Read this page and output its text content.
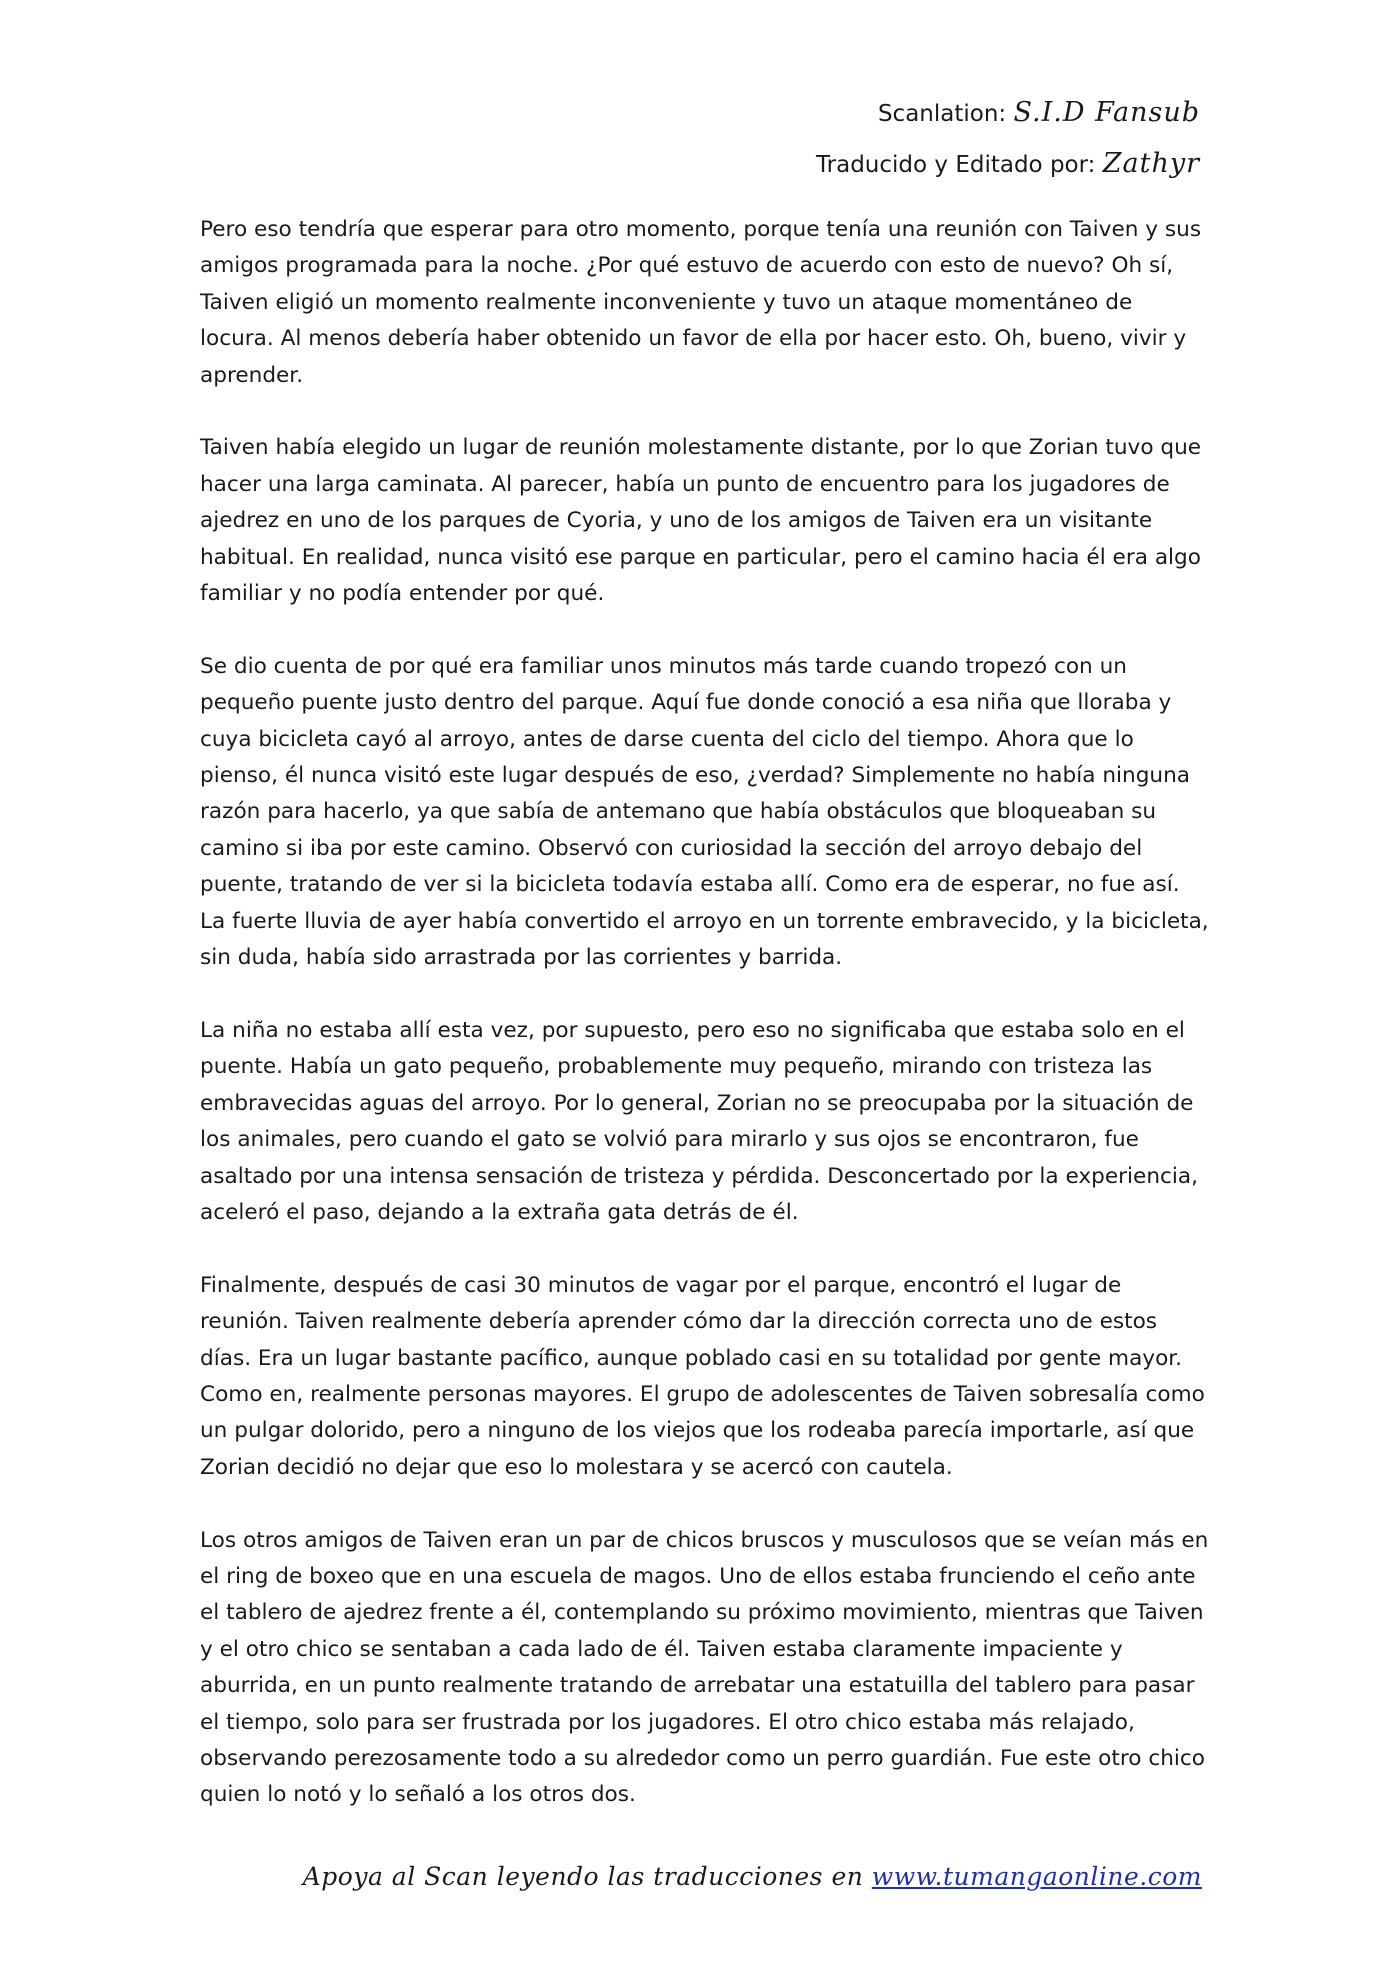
Scanlation: S.I.D Fansub
Traducido y Editado por: Zathyr

Pero eso tendría que esperar para otro momento, porque tenía una reunión con Taiven y sus amigos programada para la noche. ¿Por qué estuvo de acuerdo con esto de nuevo? Oh sí, Taiven eligió un momento realmente inconveniente y tuvo un ataque momentáneo de locura. Al menos debería haber obtenido un favor de ella por hacer esto. Oh, bueno, vivir y aprender.

Taiven había elegido un lugar de reunión molestamente distante, por lo que Zorian tuvo que hacer una larga caminata. Al parecer, había un punto de encuentro para los jugadores de ajedrez en uno de los parques de Cyoria, y uno de los amigos de Taiven era un visitante habitual. En realidad, nunca visitó ese parque en particular, pero el camino hacia él era algo familiar y no podía entender por qué.

Se dio cuenta de por qué era familiar unos minutos más tarde cuando tropezó con un pequeño puente justo dentro del parque. Aquí fue donde conoció a esa niña que lloraba y cuya bicicleta cayó al arroyo, antes de darse cuenta del ciclo del tiempo. Ahora que lo pienso, él nunca visitó este lugar después de eso, ¿verdad? Simplemente no había ninguna razón para hacerlo, ya que sabía de antemano que había obstáculos que bloqueaban su camino si iba por este camino. Observó con curiosidad la sección del arroyo debajo del puente, tratando de ver si la bicicleta todavía estaba allí. Como era de esperar, no fue así. La fuerte lluvia de ayer había convertido el arroyo en un torrente embravecido, y la bicicleta, sin duda, había sido arrastrada por las corrientes y barrida.

La niña no estaba allí esta vez, por supuesto, pero eso no significaba que estaba solo en el puente. Había un gato pequeño, probablemente muy pequeño, mirando con tristeza las embravecidas aguas del arroyo. Por lo general, Zorian no se preocupaba por la situación de los animales, pero cuando el gato se volvió para mirarlo y sus ojos se encontraron, fue asaltado por una intensa sensación de tristeza y pérdida. Desconcertado por la experiencia, aceleró el paso, dejando a la extraña gata detrás de él.

Finalmente, después de casi 30 minutos de vagar por el parque, encontró el lugar de reunión. Taiven realmente debería aprender cómo dar la dirección correcta uno de estos días. Era un lugar bastante pacífico, aunque poblado casi en su totalidad por gente mayor. Como en, realmente personas mayores. El grupo de adolescentes de Taiven sobresalía como un pulgar dolorido, pero a ninguno de los viejos que los rodeaba parecía importarle, así que Zorian decidió no dejar que eso lo molestara y se acercó con cautela.

Los otros amigos de Taiven eran un par de chicos bruscos y musculosos que se veían más en el ring de boxeo que en una escuela de magos. Uno de ellos estaba frunciendo el ceño ante el tablero de ajedrez frente a él, contemplando su próximo movimiento, mientras que Taiven y el otro chico se sentaban a cada lado de él. Taiven estaba claramente impaciente y aburrida, en un punto realmente tratando de arrebatar una estatuilla del tablero para pasar el tiempo, solo para ser frustrada por los jugadores. El otro chico estaba más relajado, observando perezosamente todo a su alrededor como un perro guardián. Fue este otro chico quien lo notó y lo señaló a los otros dos.

Apoya al Scan leyendo las traducciones en www.tumangaonline.com
